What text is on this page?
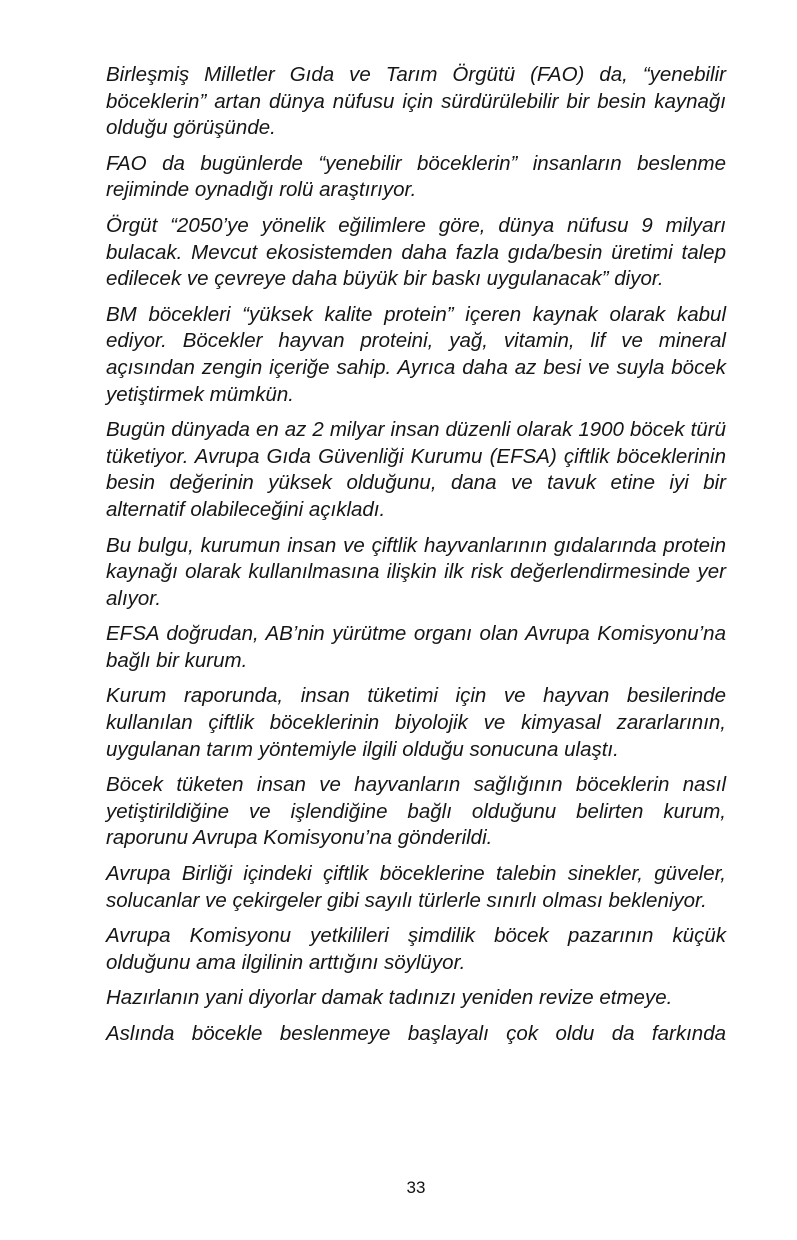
Birleşmiş Milletler Gıda ve Tarım Örgütü (FAO) da, “yenebilir böceklerin” artan dünya nüfusu için sürdürülebilir bir besin kaynağı olduğu görüşünde.

FAO da bugünlerde “yenebilir böceklerin” insanların beslenme rejiminde oynadığı rolü araştırıyor.

Örgüt “2050’ye yönelik eğilimlere göre, dünya nüfusu 9 milyarı bulacak. Mevcut ekosistemden daha fazla gıda/besin üretimi talep edilecek ve çevreye daha büyük bir baskı uygulanacak” diyor.

BM böcekleri “yüksek kalite protein” içeren kaynak olarak kabul ediyor. Böcekler hayvan proteini, yağ, vitamin, lif ve mineral açısından zengin içeriğe sahip. Ayrıca daha az besi ve suyla böcek yetiştirmek mümkün.

Bugün dünyada en az 2 milyar insan düzenli olarak 1900 böcek türü tüketiyor. Avrupa Gıda Güvenliği Kurumu (EFSA) çiftlik böceklerinin besin değerinin yüksek olduğunu, dana ve tavuk etine iyi bir alternatif olabileceğini açıkladı.

Bu bulgu, kurumun insan ve çiftlik hayvanlarının gıdalarında protein kaynağı olarak kullanılmasına ilişkin ilk risk değerlendirmesinde yer alıyor.

EFSA doğrudan, AB’nin yürütme organı olan Avrupa Komisyonu’na bağlı bir kurum.

Kurum raporunda, insan tüketimi için ve hayvan besilerinde kullanılan çiftlik böceklerinin biyolojik ve kimyasal zararlarının, uygulanan tarım yöntemiyle ilgili olduğu sonucuna ulaştı.

Böcek tüketen insan ve hayvanların sağlığının böceklerin nasıl yetiştirildiğine ve işlendiğine bağlı olduğunu belirten kurum, raporunu Avrupa Komisyonu’na gönderildi.

Avrupa Birliği içindeki çiftlik böceklerine talebin sinekler, güveler, solucanlar ve çekirgeler gibi sayılı türlerle sınırlı olması bekleniyor.

Avrupa Komisyonu yetkilileri şimdilik böcek pazarının küçük olduğunu ama ilgilinin arttığını söylüyor.

Hazırlanın yani diyorlar damak tadınızı yeniden revize etmeye.

Aslında böcekle beslenmeye başlayalı çok oldu da farkında

33
